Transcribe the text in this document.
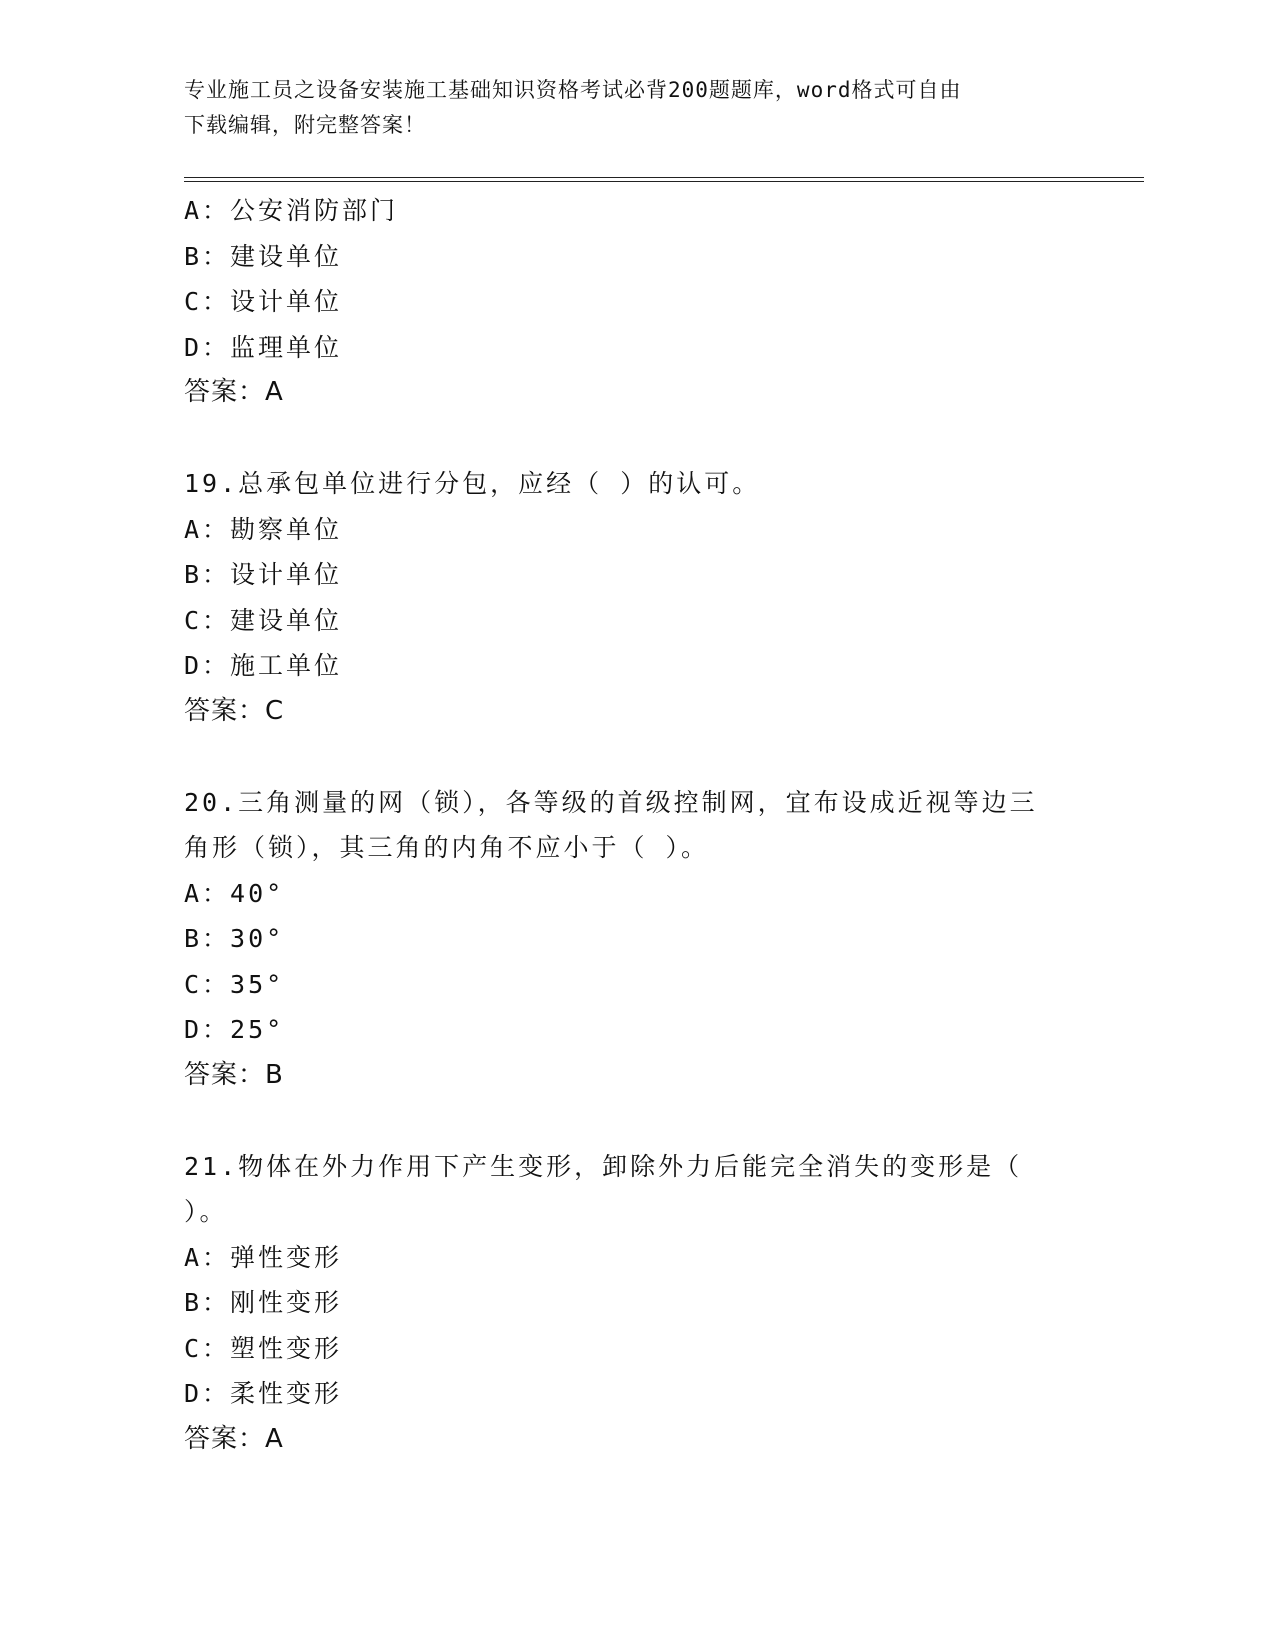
专业施工员之设备安装施工基础知识资格考试必背200题题库，word格式可自由
下载编辑，附完整答案！
A：公安消防部门
B：建设单位
C：设计单位
D：监理单位
答案：A
19.总承包单位进行分包，应经（ ）的认可。
A：勘察单位
B：设计单位
C：建设单位
D：施工单位
答案：C
20.三角测量的网（锁），各等级的首级控制网，宜布设成近视等边三
角形（锁），其三角的内角不应小于（ ）。
A：40°
B：30°
C：35°
D：25°
答案：B
21.物体在外力作用下产生变形，卸除外力后能完全消失的变形是（
）。
A：弹性变形
B：刚性变形
C：塑性变形
D：柔性变形
答案：A
